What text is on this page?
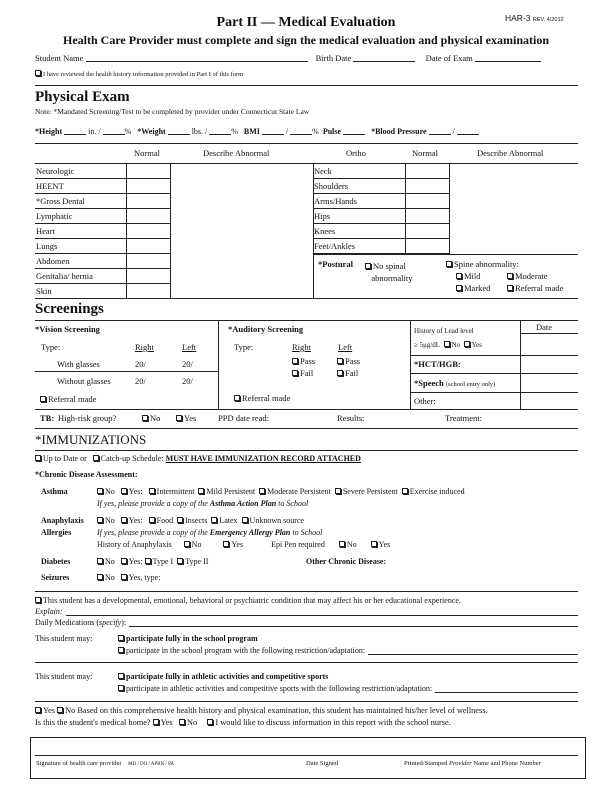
Part II — Medical Evaluation	HAR-3 REV. 4/2012
Health Care Provider must complete and sign the medical evaluation and physical examination
Student Name	Birth Date	Date of Exam
I have reviewed the health history information provided in Part I of this form
Physical Exam
Note: *Mandated Screening/Test to be completed by provider under Connecticut State Law
*Height	in. /	% *Weight	lbs. /	% BMI	/	% Pulse	*Blood Pressure	/
Normal	Describe Abnormal	Ortho	Normal	Describe Abnormal
Neurologic
HEENT
*Gross Dental
Lymphatic
Heart
Lungs
Abdomen
Genitalia/ hernia
Skin
Neck
Shoulders
Arms/Hands
Hips
Knees
Feet/Ankles
*Postural	No spinal
abnormality
Spine abnormality:
Mild	Moderate
Marked	Referral made
Screenings
*Vision Screening
Type:	Right	Left
With glasses	20/	20/
Without glasses	20/	20/
Referral made
*Auditory Screening
Type:	Right	Left
Pass	Pass
Fail	Fail
Referral made
Date
History of Lead level
≥ 5μg/dL No Yes
*HCT/HGB:
*Speech (school entry only)
Other:
TB: High-risk group?	No	Yes	PPD date read:	Results:	Treatment:
*IMMUNIZATIONS
Up to Date or Catch-up Schedule: MUST HAVE IMMUNIZATION RECORD ATTACHED
*Chronic Disease Assessment:
Asthma	No Yes: Intermittent Mild Persistent Moderate Persistent Severe Persistent Exercise induced
If yes, please provide a copy of the Asthma Action Plan to School
Anaphylaxis
Allergies
No Yes: Food Insects Latex Unknown source
If yes, please provide a copy of the Emergency Allergy Plan to School
History of Anaphylaxis	No	Yes	Epi Pen required	No	Yes
Diabetes	No Yes: Type I Type II	Other Chronic Disease:
Seizures	No Yes, type:
This student has a developmental, emotional, behavioral or psychiatric condition that may affect his or her educational experience.
Explain:
Daily Medications ( specify ):
This student may:	participate fully in the school program
participate in the school program with the following restriction/adaptation:
This student may:	participate fully in athletic activities and competitive sports
participate in athletic activities and competitive sports with the following restriction/adaptation:
Yes No Based on this comprehensive health history and physical examination, this student has maintained his/her level of wellness.
Is this the student's medical home? Yes No I would like to discuss information in this report with the school nurse.
Signature of health care provider MD / DO / APRN / PA	Date Signed	Printed/Stamped Provider Name and Phone Number
